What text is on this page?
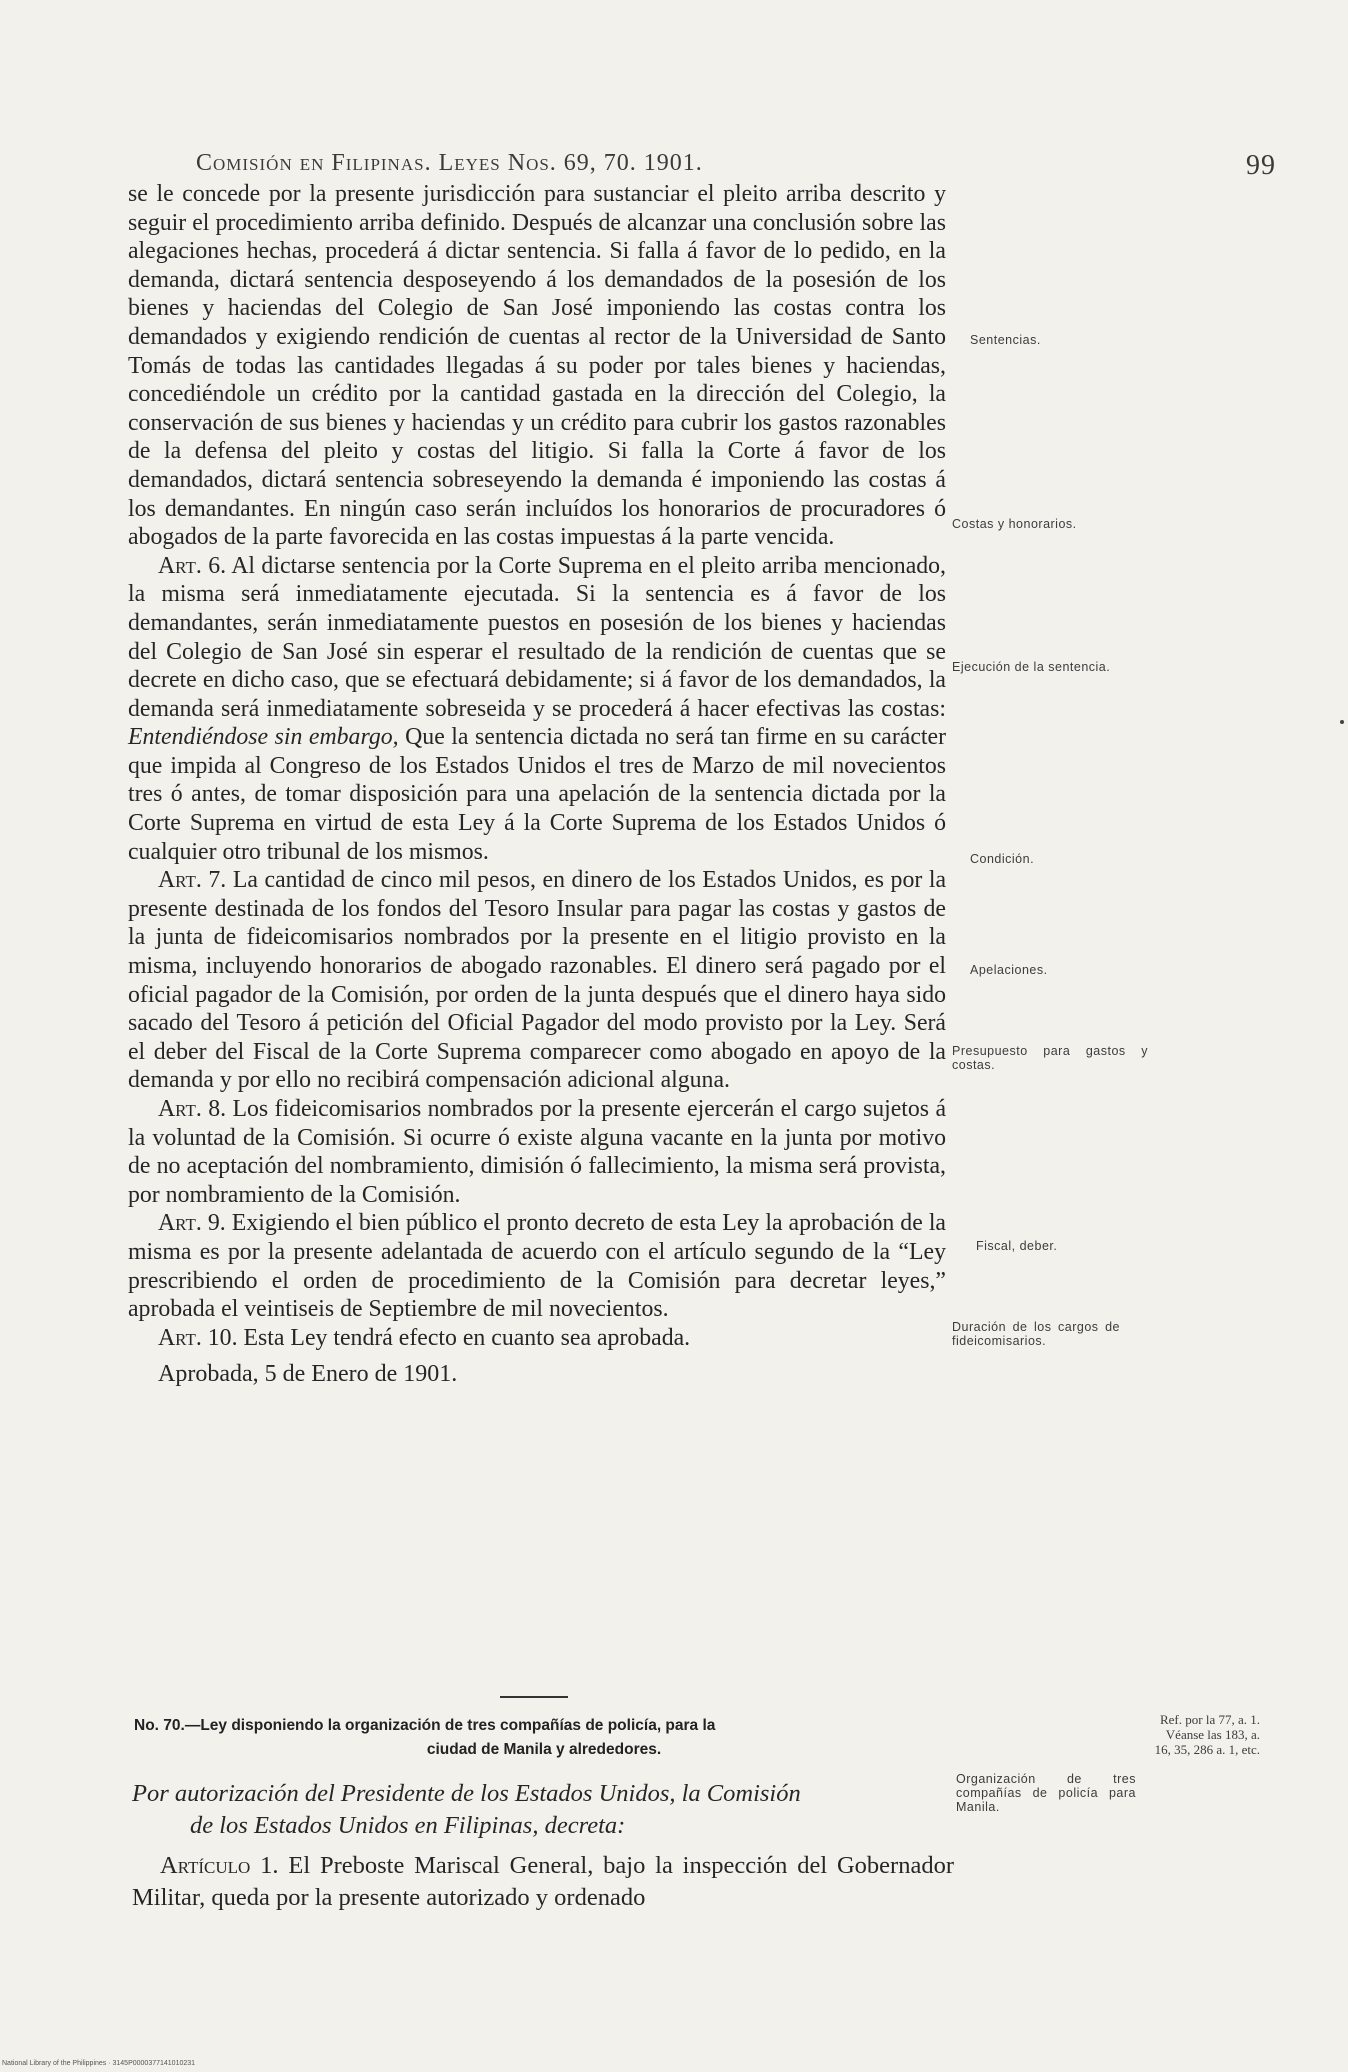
Comisión en Filipinas. Leyes Nos. 69, 70. 1901.	99

se le concede por la presente jurisdicción para sustanciar el pleito arriba descrito y seguir el procedimiento arriba definido. Después de alcanzar una conclusión sobre las alegaciones hechas, procederá á dictar sentencia. Si falla á favor de lo pedido, en la demanda, dictará sentencia desposeyendo á los demandados de la posesión de los bienes y haciendas del Colegio de San José imponiendo las costas contra los demandados y exigiendo rendición de cuentas al rector de la Universidad de Santo Tomás de todas las cantidades llegadas á su poder por tales bienes y haciendas, concediéndole un crédito por la cantidad gastada en la dirección del Colegio, la conservación de sus bienes y haciendas y un crédito para cubrir los gastos razonables de la defensa del pleito y costas del litigio. Si falla la Corte á favor de los demandados, dictará sentencia sobreseyendo la demanda é imponiendo las costas á los demandantes. En ningún caso serán incluídos los honorarios de procuradores ó abogados de la parte favorecida en las costas impuestas á la parte vencida.

Art. 6. Al dictarse sentencia por la Corte Suprema en el pleito arriba mencionado, la misma será inmediatamente ejecutada. Si la sentencia es á favor de los demandantes, serán inmediatamente puestos en posesión de los bienes y haciendas del Colegio de San José sin esperar el resultado de la rendición de cuentas que se decrete en dicho caso, que se efectuará debidamente; si á favor de los demandados, la demanda será inmediatamente sobreseida y se procederá á hacer efectivas las costas: Entendiéndose sin embargo, Que la sentencia dictada no será tan firme en su carácter que impida al Congreso de los Estados Unidos el tres de Marzo de mil novecientos tres ó antes, de tomar disposición para una apelación de la sentencia dictada por la Corte Suprema en virtud de esta Ley á la Corte Suprema de los Estados Unidos ó cualquier otro tribunal de los mismos.

Art. 7. La cantidad de cinco mil pesos, en dinero de los Estados Unidos, es por la presente destinada de los fondos del Tesoro Insular para pagar las costas y gastos de la junta de fideicomisarios nombrados por la presente en el litigio provisto en la misma, incluyendo honorarios de abogado razonables. El dinero será pagado por el oficial pagador de la Comisión, por orden de la junta después que el dinero haya sido sacado del Tesoro á petición del Oficial Pagador del modo provisto por la Ley. Será el deber del Fiscal de la Corte Suprema comparecer como abogado en apoyo de la demanda y por ello no recibirá compensación adicional alguna.

Art. 8. Los fideicomisarios nombrados por la presente ejercerán el cargo sujetos á la voluntad de la Comisión. Si ocurre ó existe alguna vacante en la junta por motivo de no aceptación del nombramiento, dimisión ó fallecimiento, la misma será provista, por nombramiento de la Comisión.

Art. 9. Exigiendo el bien público el pronto decreto de esta Ley la aprobación de la misma es por la presente adelantada de acuerdo con el artículo segundo de la “Ley prescribiendo el orden de procedimiento de la Comisión para decretar leyes,” aprobada el veintiseis de Septiembre de mil novecientos.

Art. 10. Esta Ley tendrá efecto en cuanto sea aprobada.

Aprobada, 5 de Enero de 1901.

No. 70.—Ley disponiendo la organización de tres compañías de policía, para la
ciudad de Manila y alrededores.
Por autorización del Presidente de los Estados Unidos, la Comisión
de los Estados Unidos en Filipinas, decreta:

Artículo 1. El Preboste Mariscal General, bajo la inspección del Gobernador Militar, queda por la presente autorizado y ordenado

Sentencias.
Costas y honorarios.
Ejecución de la sentencia.
Condición.
Apelaciones.
Presupuesto para gastos y costas.
Fiscal, deber.
Duración de los cargos de fideicomisarios.
Organización de tres compañías de policía para Manila.
Ref. por la 77, a. 1. Véanse las 183, a. 16, 35, 286 a. 1, etc.
National Library of the Philippines · 3145P0000377141010231
